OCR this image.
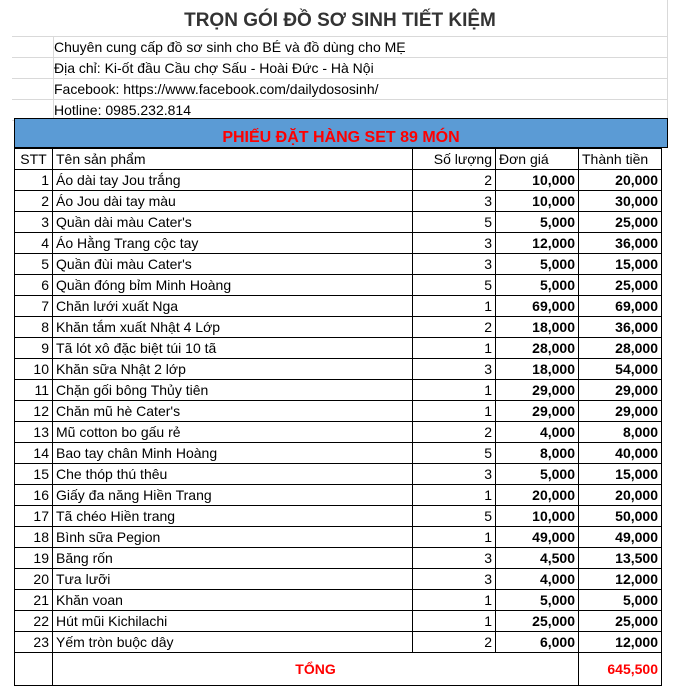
TRỌN GÓI ĐỒ SƠ SINH TIẾT KIỆM
Chuyên cung cấp đồ sơ sinh cho BÉ và đồ dùng cho MẸ
Địa chỉ: Ki-ốt đầu Cầu chợ Sấu - Hoài Đức - Hà Nội
Facebook: https://www.facebook.com/dailydososinh/
Hotline: 0985.232.814
PHIẾU ĐẶT HÀNG SET 89 MÓN
STT	Tên sản phẩm	Số lượng	Đơn giá	Thành tiền
1	Áo dài tay Jou trắng	2	10,000	20,000
2	Áo Jou dài tay màu	3	10,000	30,000
3	Quần dài màu Cater's	5	5,000	25,000
4	Áo Hằng Trang cộc tay	3	12,000	36,000
5	Quần đùi màu Cater's	3	5,000	15,000
6	Quần đóng bỉm Minh Hoàng	5	5,000	25,000
7	Chăn lưới xuất Nga	1	69,000	69,000
8	Khăn tắm xuất Nhật 4 Lớp	2	18,000	36,000
9	Tã lót xô đặc biệt túi 10 tã	1	28,000	28,000
10	Khăn sữa Nhật 2 lớp	3	18,000	54,000
11	Chặn gối bông Thủy tiên	1	29,000	29,000
12	Chăn mũ hè Cater's	1	29,000	29,000
13	Mũ cotton bo gấu rẻ	2	4,000	8,000
14	Bao tay chân Minh Hoàng	5	8,000	40,000
15	Che thóp thú thêu	3	5,000	15,000
16	Giấy đa năng Hiền Trang	1	20,000	20,000
17	Tã chéo Hiền trang	5	10,000	50,000
18	Bình sữa Pegion	1	49,000	49,000
19	Băng rốn	3	4,500	13,500
20	Tưa lưỡi	3	4,000	12,000
21	Khăn voan	1	5,000	5,000
22	Hút mũi Kichilachi	1	25,000	25,000
23	Yếm tròn buộc dây	2	6,000	12,000
	TỔNG			645,500
